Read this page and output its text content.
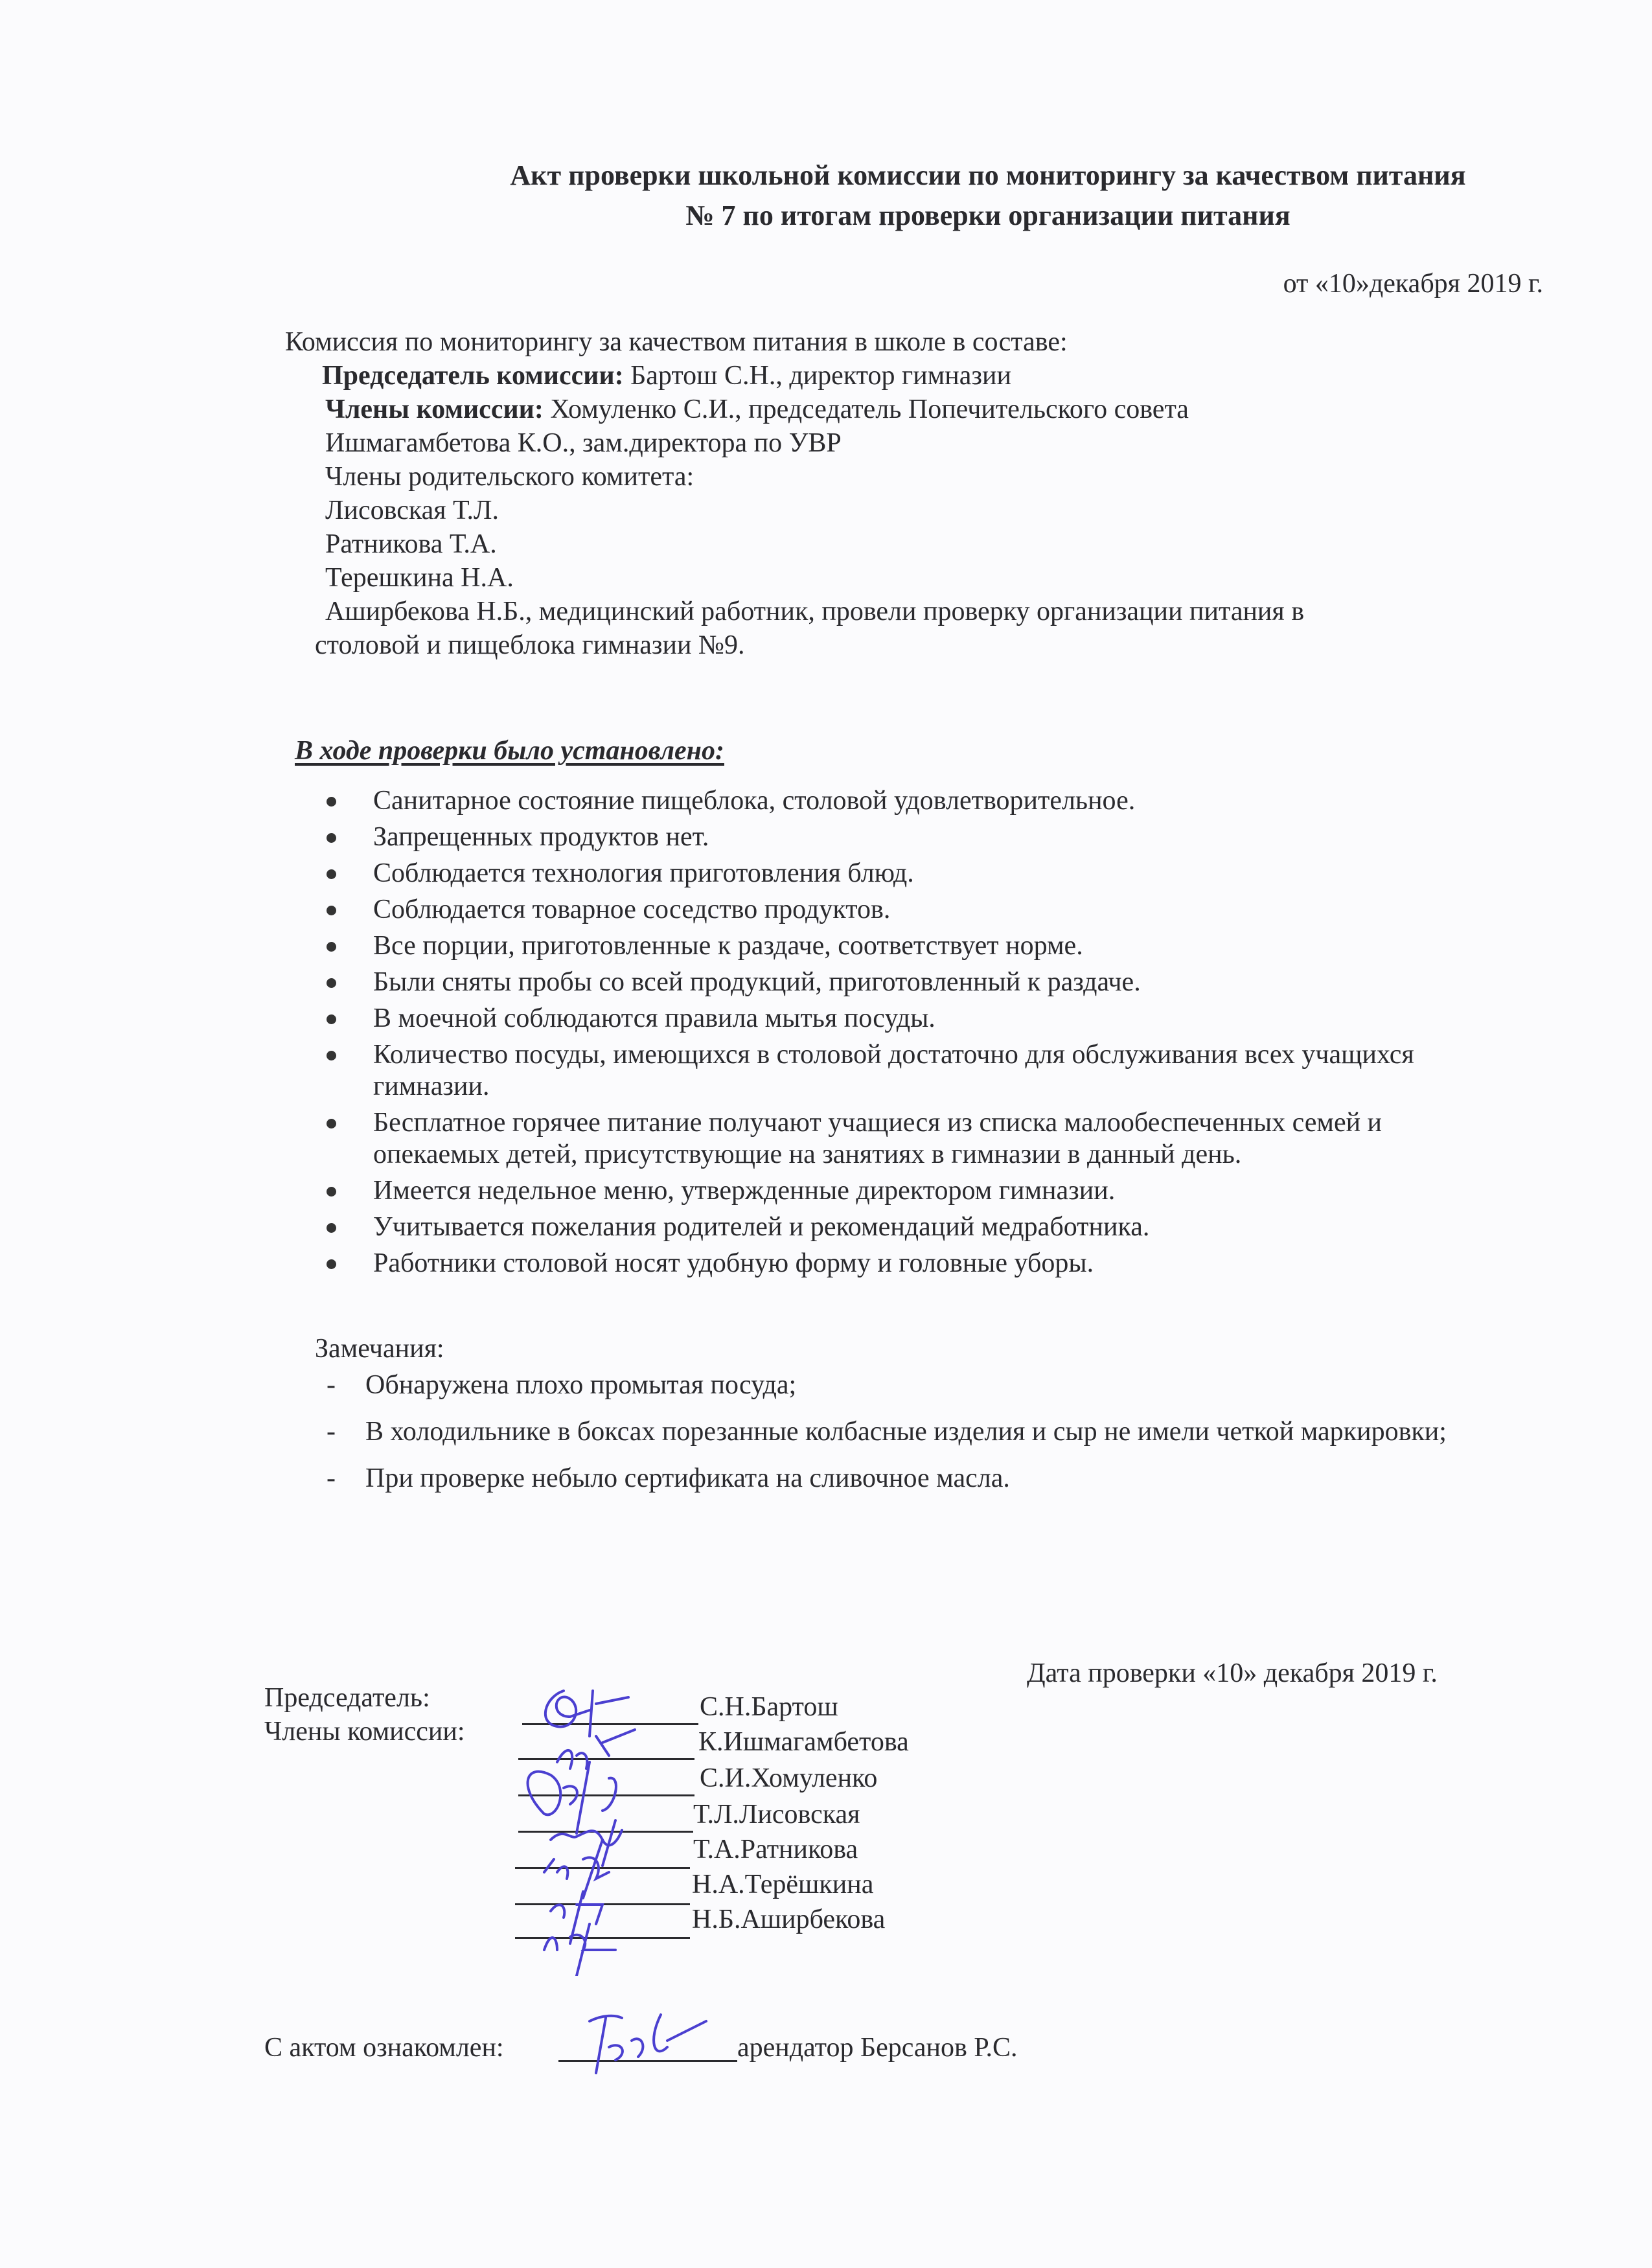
Акт проверки школьной комиссии по мониторингу за качеством питания
№ 7 по итогам проверки организации питания
от «10»декабря 2019 г.
Комиссия по мониторингу за качеством питания в школе в составе:
Председатель комиссии: Бартош С.Н., директор гимназии
Члены комиссии: Хомуленко С.И., председатель Попечительского совета
Ишмагамбетова К.О., зам.директора по УВР
Члены родительского комитета:
Лисовская Т.Л.
Ратникова Т.А.
Терешкина Н.А.
Аширбекова Н.Б., медицинский работник, провели проверку организации питания в
столовой и пищеблока гимназии №9.
В ходе проверки было установлено:
Санитарное состояние пищеблока, столовой удовлетворительное.
Запрещенных продуктов нет.
Соблюдается технология приготовления блюд.
Соблюдается товарное соседство продуктов.
Все порции, приготовленные к раздаче, соответствует норме.
Были сняты пробы со всей продукций, приготовленный к раздаче.
В моечной соблюдаются правила мытья посуды.
Количество посуды, имеющихся в столовой достаточно для обслуживания всех учащихся гимназии.
Бесплатное горячее питание получают учащиеся из списка малообеспеченных семей и опекаемых детей, присутствующие на занятиях в гимназии в данный день.
Имеется недельное меню, утвержденные директором гимназии.
Учитывается пожелания родителей и рекомендаций медработника.
Работники столовой носят удобную форму и головные уборы.
Замечания:
- Обнаружена плохо промытая посуда;
- В холодильнике в боксах порезанные колбасные изделия и сыр не имели четкой маркировки;
- При проверке небыло сертификата на сливочное масла.
Дата проверки «10» декабря 2019 г.
Председатель:
Члены комиссии:
С.Н.Бартош
К.Ишмагамбетова
С.И.Хомуленко
Т.Л.Лисовская
Т.А.Ратникова
Н.А.Терёшкина
Н.Б.Аширбекова
С актом ознакомлен:	арендатор Берсанов Р.С.
